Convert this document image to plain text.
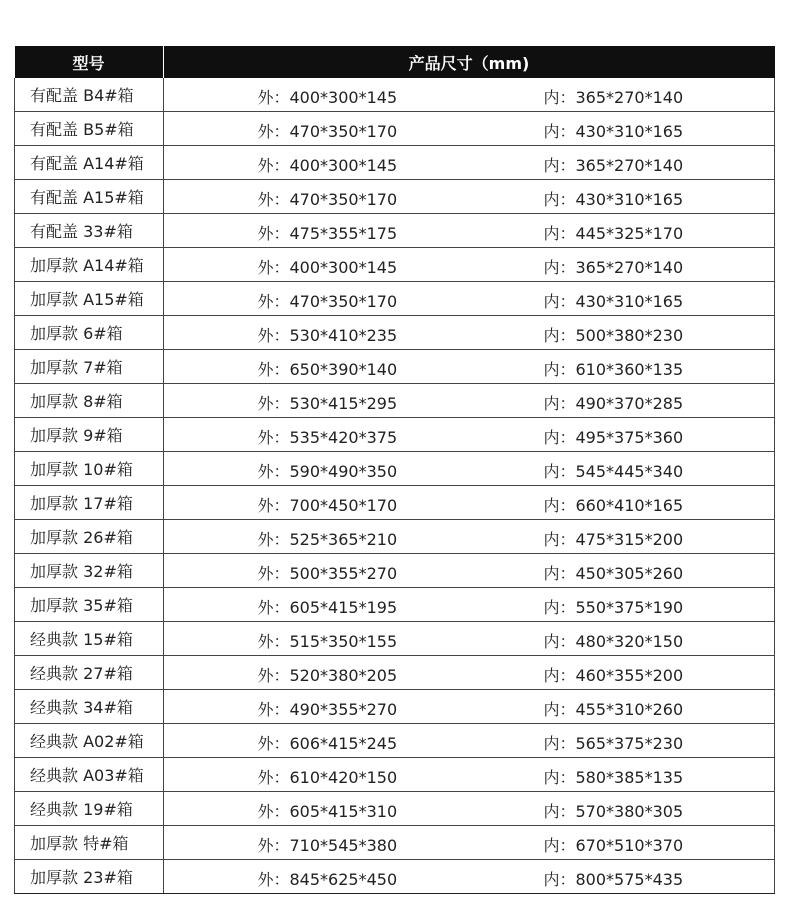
型号	产品尺寸（mm)
有配盖 B4#箱	外：400*300*145 内：365*270*140

有配盖 B5#箱	外：470*350*170 内：430*310*165

有配盖 A14#箱	外：400*300*145 内：365*270*140

有配盖 A15#箱	外：470*350*170 内：430*310*165

有配盖 33#箱	外：475*355*175 内：445*325*170

加厚款 A14#箱	外：400*300*145 内：365*270*140

加厚款 A15#箱	外：470*350*170 内：430*310*165

加厚款 6#箱	外：530*410*235 内：500*380*230

加厚款 7#箱	外：650*390*140 内：610*360*135

加厚款 8#箱	外：530*415*295 内：490*370*285

加厚款 9#箱	外：535*420*375 内：495*375*360

加厚款 10#箱	外：590*490*350 内：545*445*340

加厚款 17#箱	外：700*450*170 内：660*410*165

加厚款 26#箱	外：525*365*210 内：475*315*200

加厚款 32#箱	外：500*355*270 内：450*305*260

加厚款 35#箱	外：605*415*195 内：550*375*190

经典款 15#箱	外：515*350*155 内：480*320*150

经典款 27#箱	外：520*380*205 内：460*355*200

经典款 34#箱	外：490*355*270 内：455*310*260

经典款 A02#箱	外：606*415*245 内：565*375*230

经典款 A03#箱	外：610*420*150 内：580*385*135

经典款 19#箱	外：605*415*310 内：570*380*305

加厚款 特#箱	外：710*545*380 内：670*510*370

加厚款 23#箱	外：845*625*450 内：800*575*435
